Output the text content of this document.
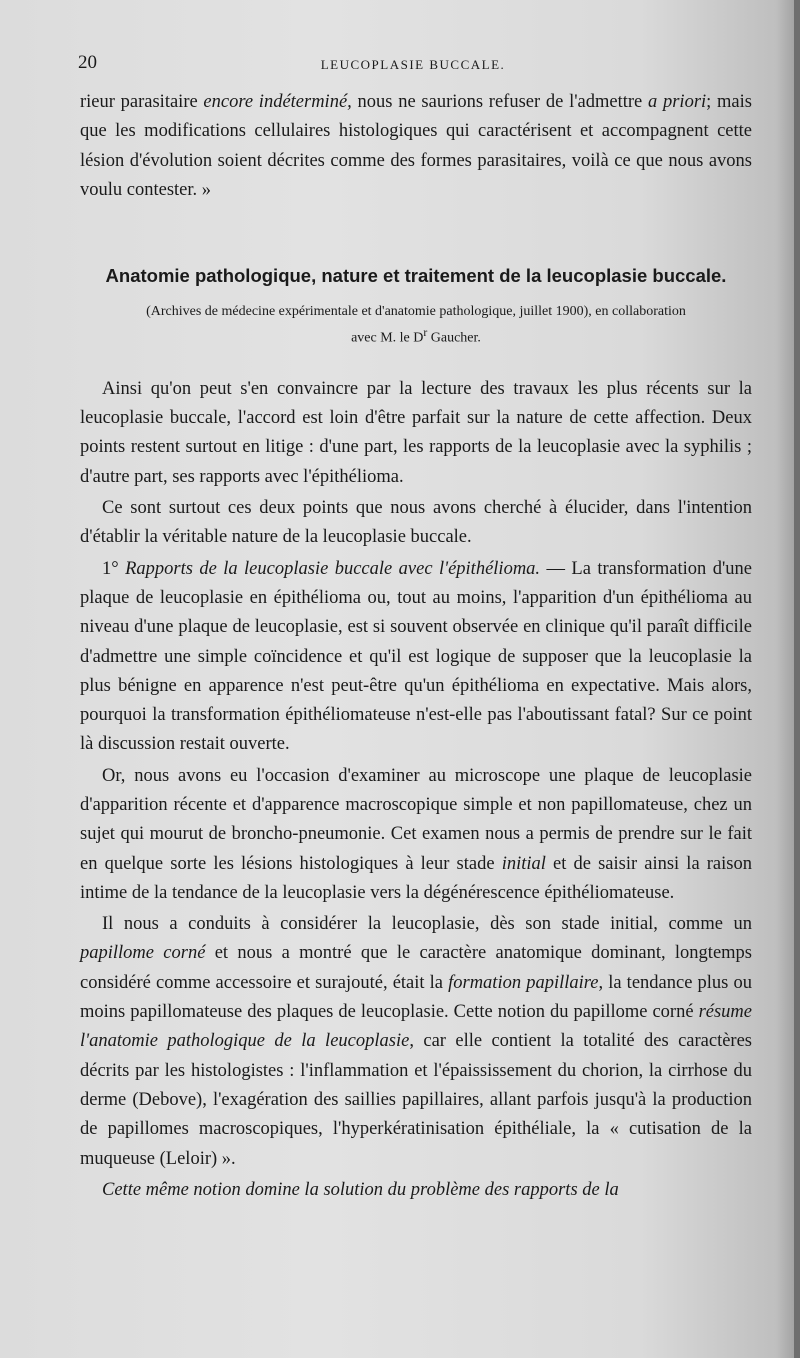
20	LEUCOPLASIE BUCCALE.

rieur parasitaire encore indéterminé, nous ne saurions refuser de l'admettre a priori; mais que les modifications cellulaires histologiques qui caractérisent et accompagnent cette lésion d'évolution soient décrites comme des formes parasitaires, voilà ce que nous avons voulu contester. »

Anatomie pathologique, nature et traitement de la leucoplasie buccale.

(Archives de médecine expérimentale et d'anatomie pathologique, juillet 1900), en collaboration
avec M. le $D^r$ Gaucher.

Ainsi qu'on peut s'en convaincre par la lecture des travaux les plus récents sur la leucoplasie buccale, l'accord est loin d'être parfait sur la nature de cette affection. Deux points restent surtout en litige : d'une part, les rapports de la leucoplasie avec la syphilis ; d'autre part, ses rapports avec l'épithélioma.

Ce sont surtout ces deux points que nous avons cherché à élucider, dans l'intention d'établir la véritable nature de la leucoplasie buccale.

1° Rapports de la leucoplasie buccale avec l'épithélioma. — La transformation d'une plaque de leucoplasie en épithélioma ou, tout au moins, l'apparition d'un épithélioma au niveau d'une plaque de leucoplasie, est si souvent observée en clinique qu'il paraît difficile d'admettre une simple coïncidence et qu'il est logique de supposer que la leucoplasie la plus bénigne en apparence n'est peut-être qu'un épithélioma en expectative. Mais alors, pourquoi la transformation épithéliomateuse n'est-elle pas l'aboutissant fatal? Sur ce point là discussion restait ouverte.

Or, nous avons eu l'occasion d'examiner au microscope une plaque de leucoplasie d'apparition récente et d'apparence macroscopique simple et non papillomateuse, chez un sujet qui mourut de broncho-pneumonie. Cet examen nous a permis de prendre sur le fait en quelque sorte les lésions histologiques à leur stade initial et de saisir ainsi la raison intime de la tendance de la leucoplasie vers la dégénérescence épithéliomateuse.

Il nous a conduits à considérer la leucoplasie, dès son stade initial, comme un papillome corné et nous a montré que le caractère anatomique dominant, longtemps considéré comme accessoire et surajouté, était la formation papillaire, la tendance plus ou moins papillomateuse des plaques de leucoplasie. Cette notion du papillome corné résume l'anatomie pathologique de la leucoplasie, car elle contient la totalité des caractères décrits par les histologistes : l'inflammation et l'épaississement du chorion, la cirrhose du derme (Debove), l'exagération des saillies papillaires, allant parfois jusqu'à la production de papillomes macroscopiques, l'hyperkératinisation épithéliale, la « cutisation de la muqueuse (Leloir) ».

Cette même notion domine la solution du problème des rapports de la
